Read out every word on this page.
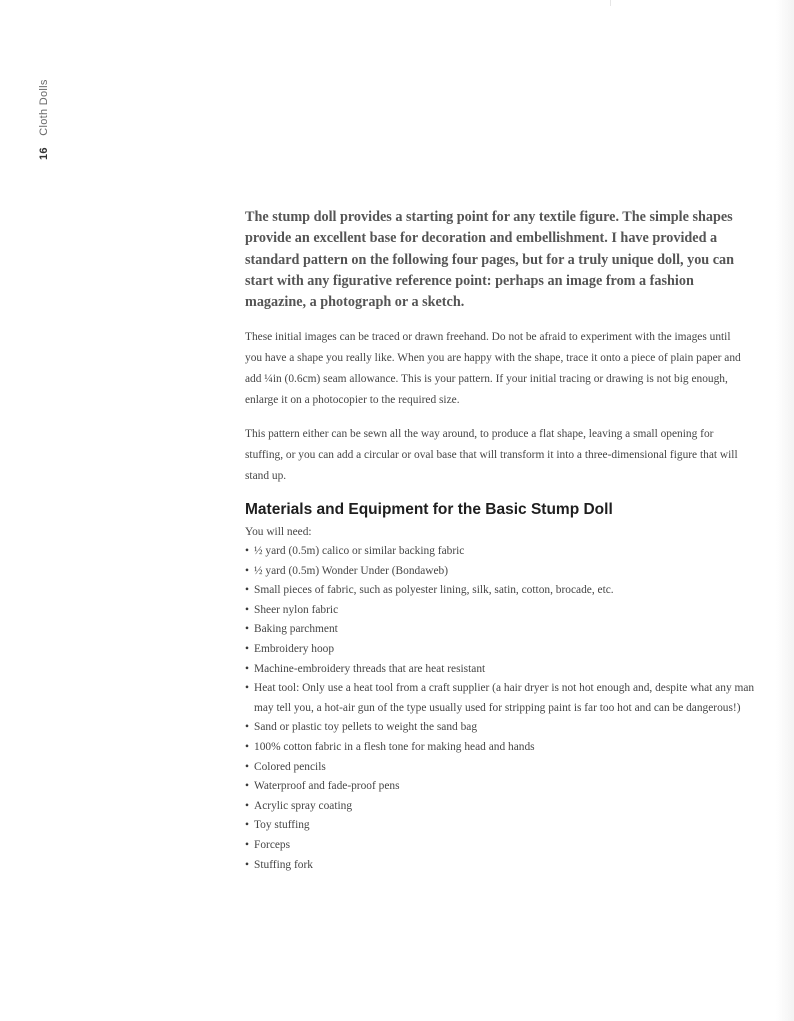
16 Cloth Dolls

The stump doll provides a starting point for any textile figure. The simple shapes provide an excellent base for decoration and embellishment. I have provided a standard pattern on the following four pages, but for a truly unique doll, you can start with any figurative reference point: perhaps an image from a fashion magazine, a photograph or a sketch.

These initial images can be traced or drawn freehand. Do not be afraid to experiment with the images until you have a shape you really like. When you are happy with the shape, trace it onto a piece of plain paper and add ¼in (0.6cm) seam allowance. This is your pattern. If your initial tracing or drawing is not big enough, enlarge it on a photocopier to the required size.

This pattern either can be sewn all the way around, to produce a flat shape, leaving a small opening for stuffing, or you can add a circular or oval base that will transform it into a three-dimensional figure that will stand up.

Materials and Equipment for the Basic Stump Doll

You will need:

• ½ yard (0.5m) calico or similar backing fabric
• ½ yard (0.5m) Wonder Under (Bondaweb)
• Small pieces of fabric, such as polyester lining, silk, satin, cotton, brocade, etc.
• Sheer nylon fabric
• Baking parchment
• Embroidery hoop
• Machine-embroidery threads that are heat resistant
• Heat tool: Only use a heat tool from a craft supplier (a hair dryer is not hot enough and, despite what any man may tell you, a hot-air gun of the type usually used for stripping paint is far too hot and can be dangerous!)
• Sand or plastic toy pellets to weight the sand bag
• 100% cotton fabric in a flesh tone for making head and hands
• Colored pencils
• Waterproof and fade-proof pens
• Acrylic spray coating
• Toy stuffing
• Forceps
• Stuffing fork
